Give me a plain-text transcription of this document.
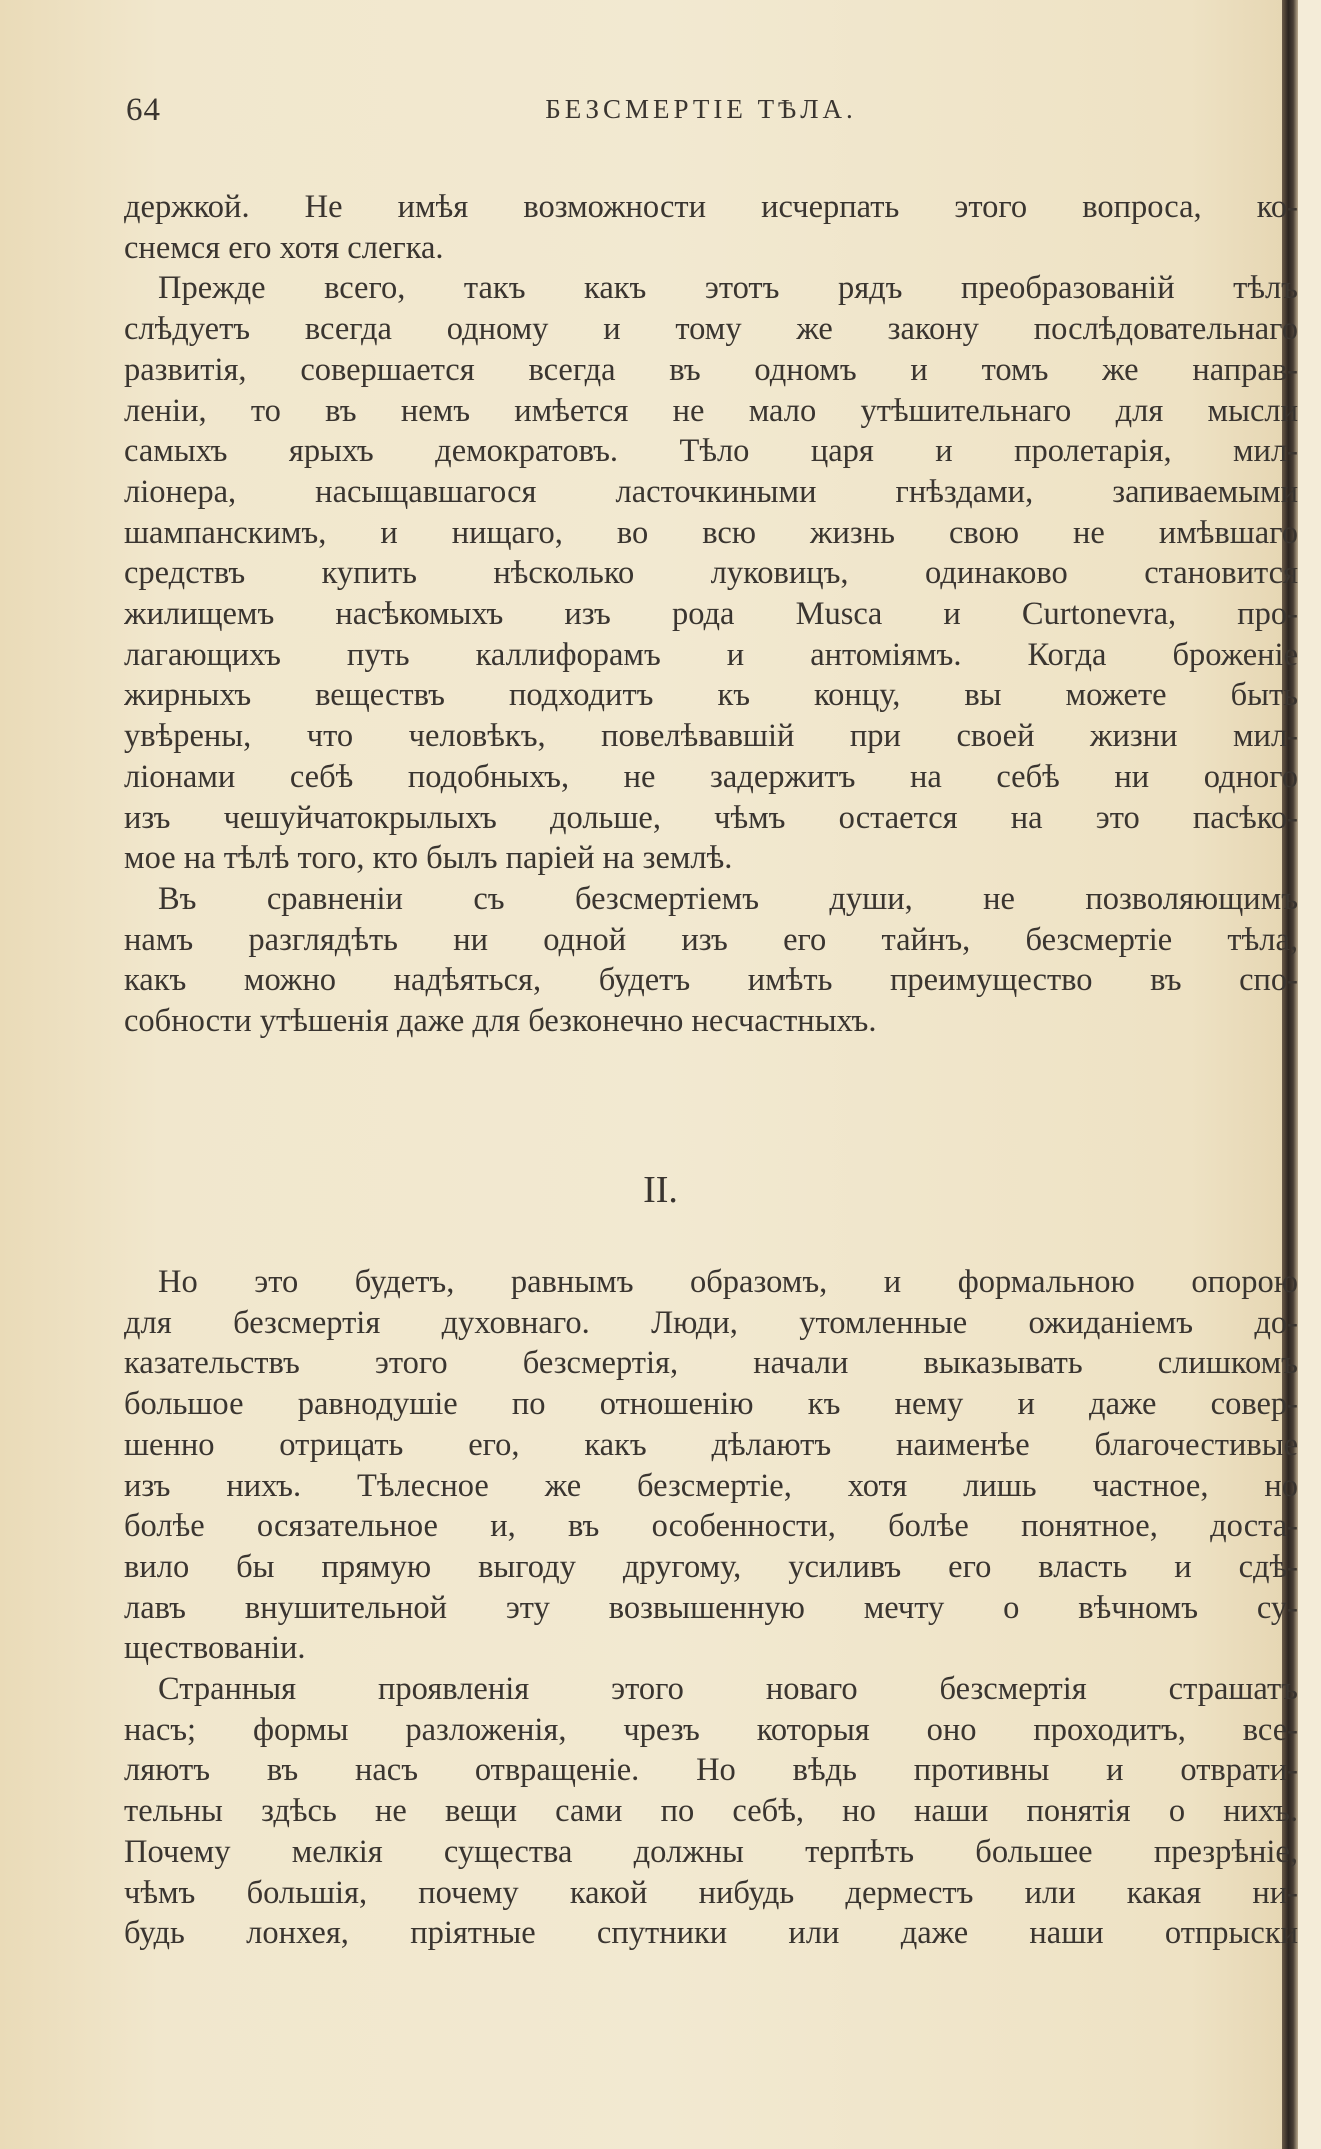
64	БЕЗСМЕРТIЕ ТѢЛА.
держкой. Не имѣя возможности исчерпать этого вопроса, ко-
снемся его хотя слегка.
Прежде всего, такъ какъ этотъ рядъ преобразованiй тѣлъ
слѣдуетъ всегда одному и тому же закону послѣдовательнаго
развитiя, совершается всегда въ одномъ и томъ же направ-
ленiи, то въ немъ имѣется не мало утѣшительнаго для мысли
самыхъ ярыхъ демократовъ. Тѣло царя и пролетарiя, мил-
лiонера, насыщавшагося ласточкиными гнѣздами, запиваемыми
шампанскимъ, и нищаго, во всю жизнь свою не имѣвшаго
средствъ купить нѣсколько луковицъ, одинаково становится
жилищемъ насѣкомыхъ изъ рода Musca и Curtonevra, про-
лагающихъ путь каллифорамъ и антомiямъ. Когда броженiе
жирныхъ веществъ подходитъ къ концу, вы можете быть
увѣрены, что человѣкъ, повелѣвавшiй при своей жизни мил-
лiонами себѣ подобныхъ, не задержитъ на себѣ ни одного
изъ чешуйчатокрылыхъ дольше, чѣмъ остается на это пасѣко-
мое на тѣлѣ того, кто былъ парiей на землѣ.
Въ сравненiи съ безсмертiемъ души, не позволяющимъ
намъ разглядѣть ни одной изъ его тайнъ, безсмертiе тѣла,
какъ можно надѣяться, будетъ имѣть преимущество въ спо-
собности утѣшенiя даже для безконечно несчастныхъ.
II.
Но это будетъ, равнымъ образомъ, и формальною опорою
для безсмертiя духовнаго. Люди, утомленные ожиданiемъ до-
казательствъ этого безсмертiя, начали выказывать слишкомъ
большое равнодушiе по отношенiю къ нему и даже совер-
шенно отрицать его, какъ дѣлаютъ наименѣе благочестивые
изъ нихъ. Тѣлесное же безсмертiе, хотя лишь частное, но
болѣе осязательное и, въ особенности, болѣе понятное, доста-
вило бы прямую выгоду другому, усиливъ его власть и сдѣ-
лавъ внушительной эту возвышенную мечту о вѣчномъ су-
ществованiи.
Странныя проявленiя этого новаго безсмертiя страшатъ
насъ; формы разложенiя, чрезъ которыя оно проходитъ, все-
ляютъ въ насъ отвращенiе. Но вѣдь противны и отврати-
тельны здѣсь не вещи сами по себѣ, но наши понятiя о нихъ.
Почему мелкiя существа должны терпѣть большее презрѣнiе,
чѣмъ большiя, почему какой нибудь дерместъ или какая ни-
будь лонхея, прiятные спутники или даже наши отпрыски
